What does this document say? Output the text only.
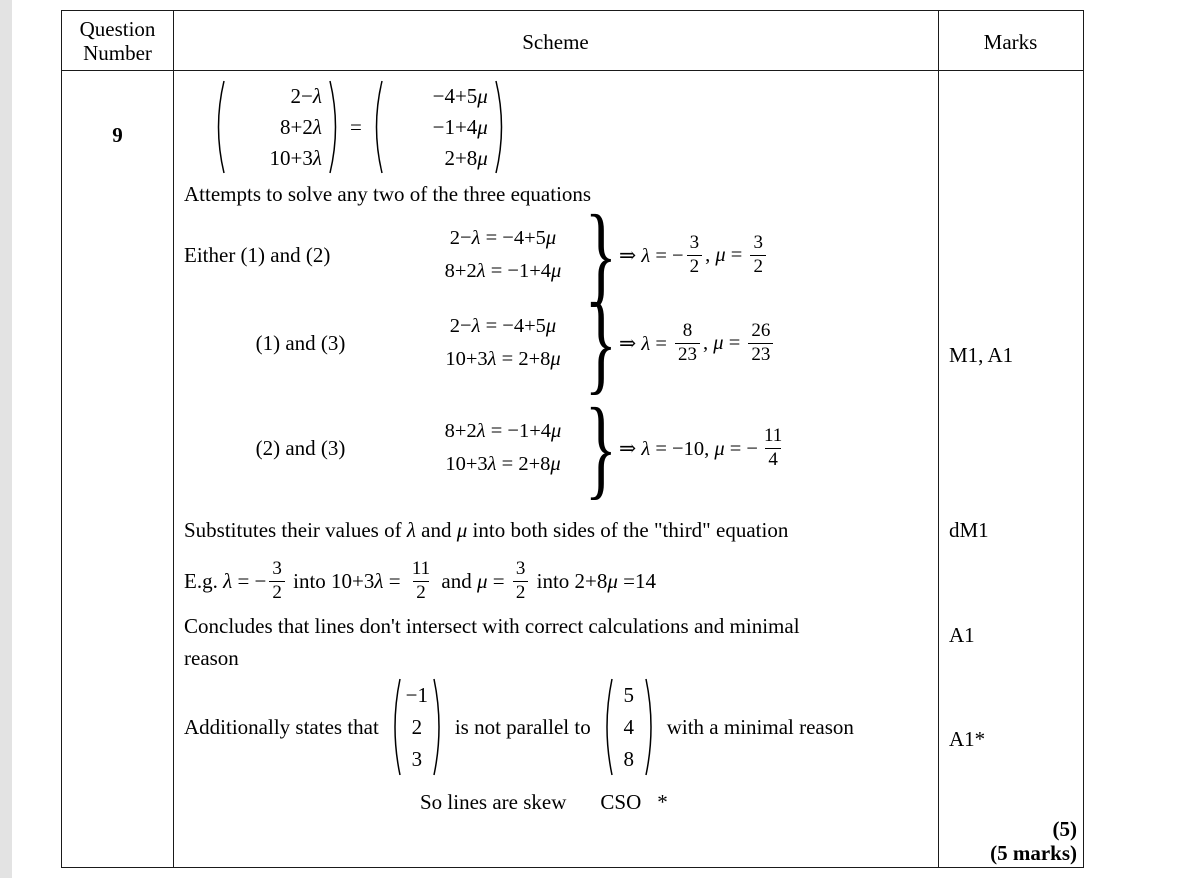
Question
Number	Scheme	Marks
9
2−λ
8+2λ
10+3λ
=
−4+5μ
−1+4μ
2+8μ
Attempts to solve any two of the three equations
Either (1) and (2)
2−λ = −4+5μ
8+2λ = −1+4μ } ⇒ λ = − $\frac{3}{2}$ , $\mu = \frac{3}{2}$
(1) and (3)
2−λ = −4+5μ
10+3λ = 2+8μ } ⇒ $\lambda = \frac{8}{23}$ , $\mu = \frac{26}{23}$
(2) and (3)
8+2λ = −1+4μ
10+3λ = 2+8μ } ⇒ λ = −10, μ = − $\frac{11}{4}$
Substitutes their values of λ and μ into both sides of the "third" equation
E.g. λ = − $\frac{3}{2}$ into $10+3\lambda = \frac{11}{2}$ and $\mu = \frac{3}{2}$ into 2+8μ =14
Concludes that lines don't intersect with correct calculations and minimal
reason
Additionally states that
−1
2
3
is not parallel to
5
4
8
with a minimal reason
So lines are skew CSO *
M1, A1
dM1
A1
A1*
(5)
(5 marks)
